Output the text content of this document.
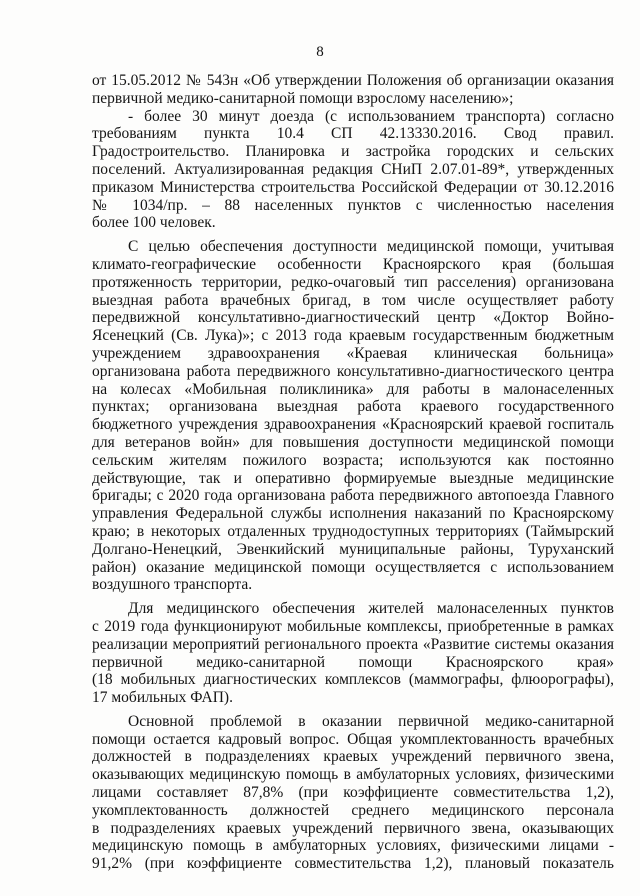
8

от 15.05.2012 № 543н «Об утверждении Положения об организации оказания
первичной медико-санитарной помощи взрослому населению»;

- более 30 минут доезда (с использованием транспорта) согласно
требованиям пункта 10.4 СП 42.13330.2016. Свод правил.
Градостроительство. Планировка и застройка городских и сельских
поселений. Актуализированная редакция СНиП 2.07.01-89*, утвержденных
приказом Министерства строительства Российской Федерации от 30.12.2016
№ 1034/пр. – 88 населенных пунктов с численностью населения
более 100 человек.

С целью обеспечения доступности медицинской помощи, учитывая
климато-географические особенности Красноярского края (большая
протяженность территории, редко-очаговый тип расселения) организована
выездная работа врачебных бригад, в том числе осуществляет работу
передвижной консультативно-диагностический центр «Доктор Войно-
Ясенецкий (Св. Лука)»; с 2013 года краевым государственным бюджетным
учреждением здравоохранения «Краевая клиническая больница»
организована работа передвижного консультативно-диагностического центра
на колесах «Мобильная поликлиника» для работы в малонаселенных
пунктах; организована выездная работа краевого государственного
бюджетного учреждения здравоохранения «Красноярский краевой госпиталь
для ветеранов войн» для повышения доступности медицинской помощи
сельским жителям пожилого возраста; используются как постоянно
действующие, так и оперативно формируемые выездные медицинские
бригады; с 2020 года организована работа передвижного автопоезда Главного
управления Федеральной службы исполнения наказаний по Красноярскому
краю; в некоторых отдаленных труднодоступных территориях (Таймырский
Долгано-Ненецкий, Эвенкийский муниципальные районы, Туруханский
район) оказание медицинской помощи осуществляется с использованием
воздушного транспорта.

Для медицинского обеспечения жителей малонаселенных пунктов
с 2019 года функционируют мобильные комплексы, приобретенные в рамках
реализации мероприятий регионального проекта «Развитие системы оказания
первичной медико-санитарной помощи Красноярского края»
(18 мобильных диагностических комплексов (маммографы, флюорографы),
17 мобильных ФАП).

Основной проблемой в оказании первичной медико-санитарной
помощи остается кадровый вопрос. Общая укомплектованность врачебных
должностей в подразделениях краевых учреждений первичного звена,
оказывающих медицинскую помощь в амбулаторных условиях, физическими
лицами составляет 87,8% (при коэффициенте совместительства 1,2),
укомплектованность должностей среднего медицинского персонала
в подразделениях краевых учреждений первичного звена, оказывающих
медицинскую помощь в амбулаторных условиях, физическими лицами -
91,2% (при коэффициенте совместительства 1,2), плановый показатель
